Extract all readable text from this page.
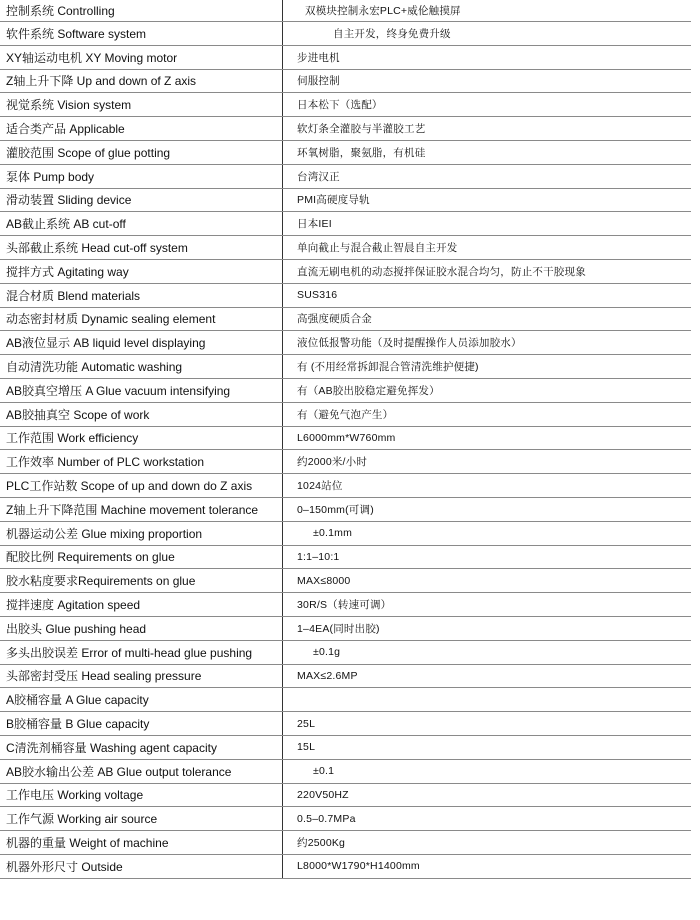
控制系统 Controlling	双模块控制永宏PLC+威伦触摸屏
软件系统 Software system	自主开发，终身免费升级
XY轴运动电机 XY Moving motor	步进电机
Z轴上升下降 Up and down of Z axis	伺服控制
视觉系统 Vision system	日本松下（选配）
适合类产品 Applicable	软灯条全灌胶与半灌胶工艺
灌胶范围 Scope of glue potting	环氧树脂，聚氨脂，有机硅
泵体 Pump body	台湾汉正
滑动装置 Sliding device	PMI高硬度导轨
AB截止系统 AB cut-off	日本IEI
头部截止系统 Head cut-off system	单向截止与混合截止智晨自主开发
搅拌方式 Agitating way	直流无刷电机的动态搅拌保证胶水混合均匀，防止不干胶现象
混合材质 Blend materials	SUS316
动态密封材质 Dynamic sealing element	高强度硬质合金
AB液位显示 AB liquid level displaying	液位低报警功能（及时提醒操作人员添加胶水）
自动清洗功能 Automatic washing	有 (不用经常拆卸混合管清洗维护便捷)
AB胶真空增压 A Glue vacuum intensifying	有（AB胶出胶稳定避免挥发）
AB胶抽真空 Scope of work	有（避免气泡产生）
工作范围 Work efficiency	L6000mm*W760mm
工作效率 Number of PLC workstation	约2000米/小时
PLC工作站数 Scope of up and down do Z axis	1024站位
Z轴上升下降范围 Machine movement tolerance	0–150mm(可调)
机器运动公差 Glue mixing proportion	±0.1mm
配胶比例 Requirements on glue	1:1–10:1
胶水粘度要求Requirements on glue	MAX≤8000
搅拌速度 Agitation speed	30R/S（转速可调）
出胶头 Glue pushing head	1–4EA(同时出胶)
多头出胶误差 Error of multi-head glue pushing	±0.1g
头部密封受压 Head sealing pressure	MAX≤2.6MP
A胶桶容量 A Glue capacity	
B胶桶容量 B Glue capacity	25L
C清洗剂桶容量 Washing agent capacity	15L
AB胶水输出公差 AB Glue output tolerance	±0.1
工作电压 Working voltage	220V50HZ
工作气源 Working air source	0.5–0.7MPa
机器的重量 Weight of machine	约2500Kg
机器外形尺寸 Outside	L8000*W1790*H1400mm
